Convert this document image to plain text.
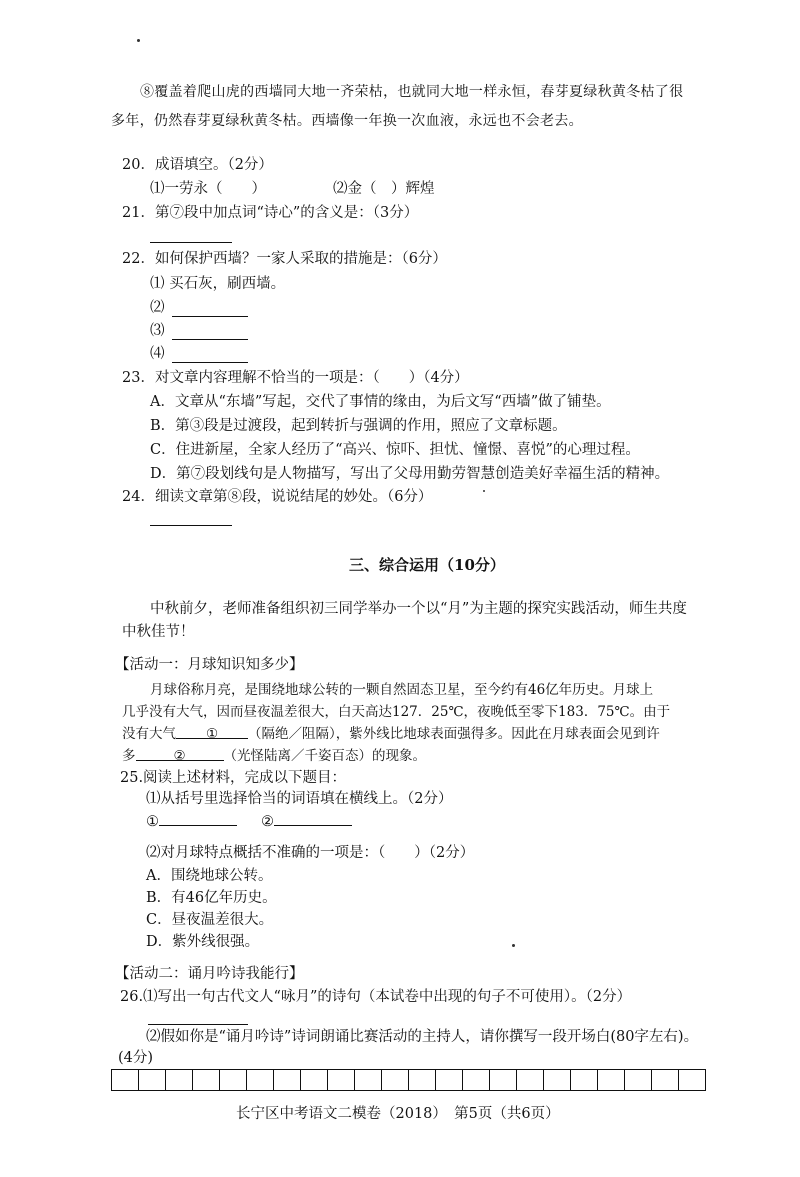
⑧覆盖着爬山虎的西墙同大地一齐荣枯，也就同大地一样永恒，春芽夏绿秋黄冬枯了很
多年，仍然春芽夏绿秋黄冬枯。西墙像一年换一次血液，永远也不会老去。
20．成语填空。（2分）
⑴一劳永（　　）	⑵金（　）辉煌
21．第⑦段中加点词“诗心”的含义是：（3分）
22．如何保护西墙？一家人采取的措施是：（6分）
⑴ 买石灰，刷西墙。
⑵
⑶
⑷
23．对文章内容理解不恰当的一项是：（　　）（4分）
A．文章从“东墙”写起，交代了事情的缘由，为后文写“西墙”做了铺垫。
B．第③段是过渡段，起到转折与强调的作用，照应了文章标题。
C．住进新屋，全家人经历了“高兴、惊吓、担忧、憧憬、喜悦”的心理过程。
D．第⑦段划线句是人物描写，写出了父母用勤劳智慧创造美好幸福生活的精神。
24．细读文章第⑧段，说说结尾的妙处。（6分）
三、综合运用（10分）
中秋前夕，老师准备组织初三同学举办一个以“月”为主题的探究实践活动，师生共度
中秋佳节！
【活动一：月球知识知多少】
月球俗称月亮，是围绕地球公转的一颗自然固态卫星，至今约有46亿年历史。月球上
几乎没有大气，因而昼夜温差很大，白天高达127．25℃，夜晚低至零下183．75℃。由于
没有大气 ① （隔绝／阻隔），紫外线比地球表面强得多。因此在月球表面会见到许
多	②	（光怪陆离／千姿百态）的现象。
25.阅读上述材料，完成以下题目：
⑴从括号里选择恰当的词语填在横线上。（2分）
①	②
⑵对月球特点概括不准确的一项是：（　　）（2分）
A．围绕地球公转。
B．有46亿年历史。
C．昼夜温差很大。
D．紫外线很强。
【活动二：诵月吟诗我能行】
26.⑴写出一句古代文人“咏月”的诗句（本试卷中出现的句子不可使用）。（2分）
⑵假如你是“诵月吟诗”诗词朗诵比赛活动的主持人，请你撰写一段开场白(80字左右)。
(4分)
长宁区中考语文二模卷（2018）　第5页（共6页）
